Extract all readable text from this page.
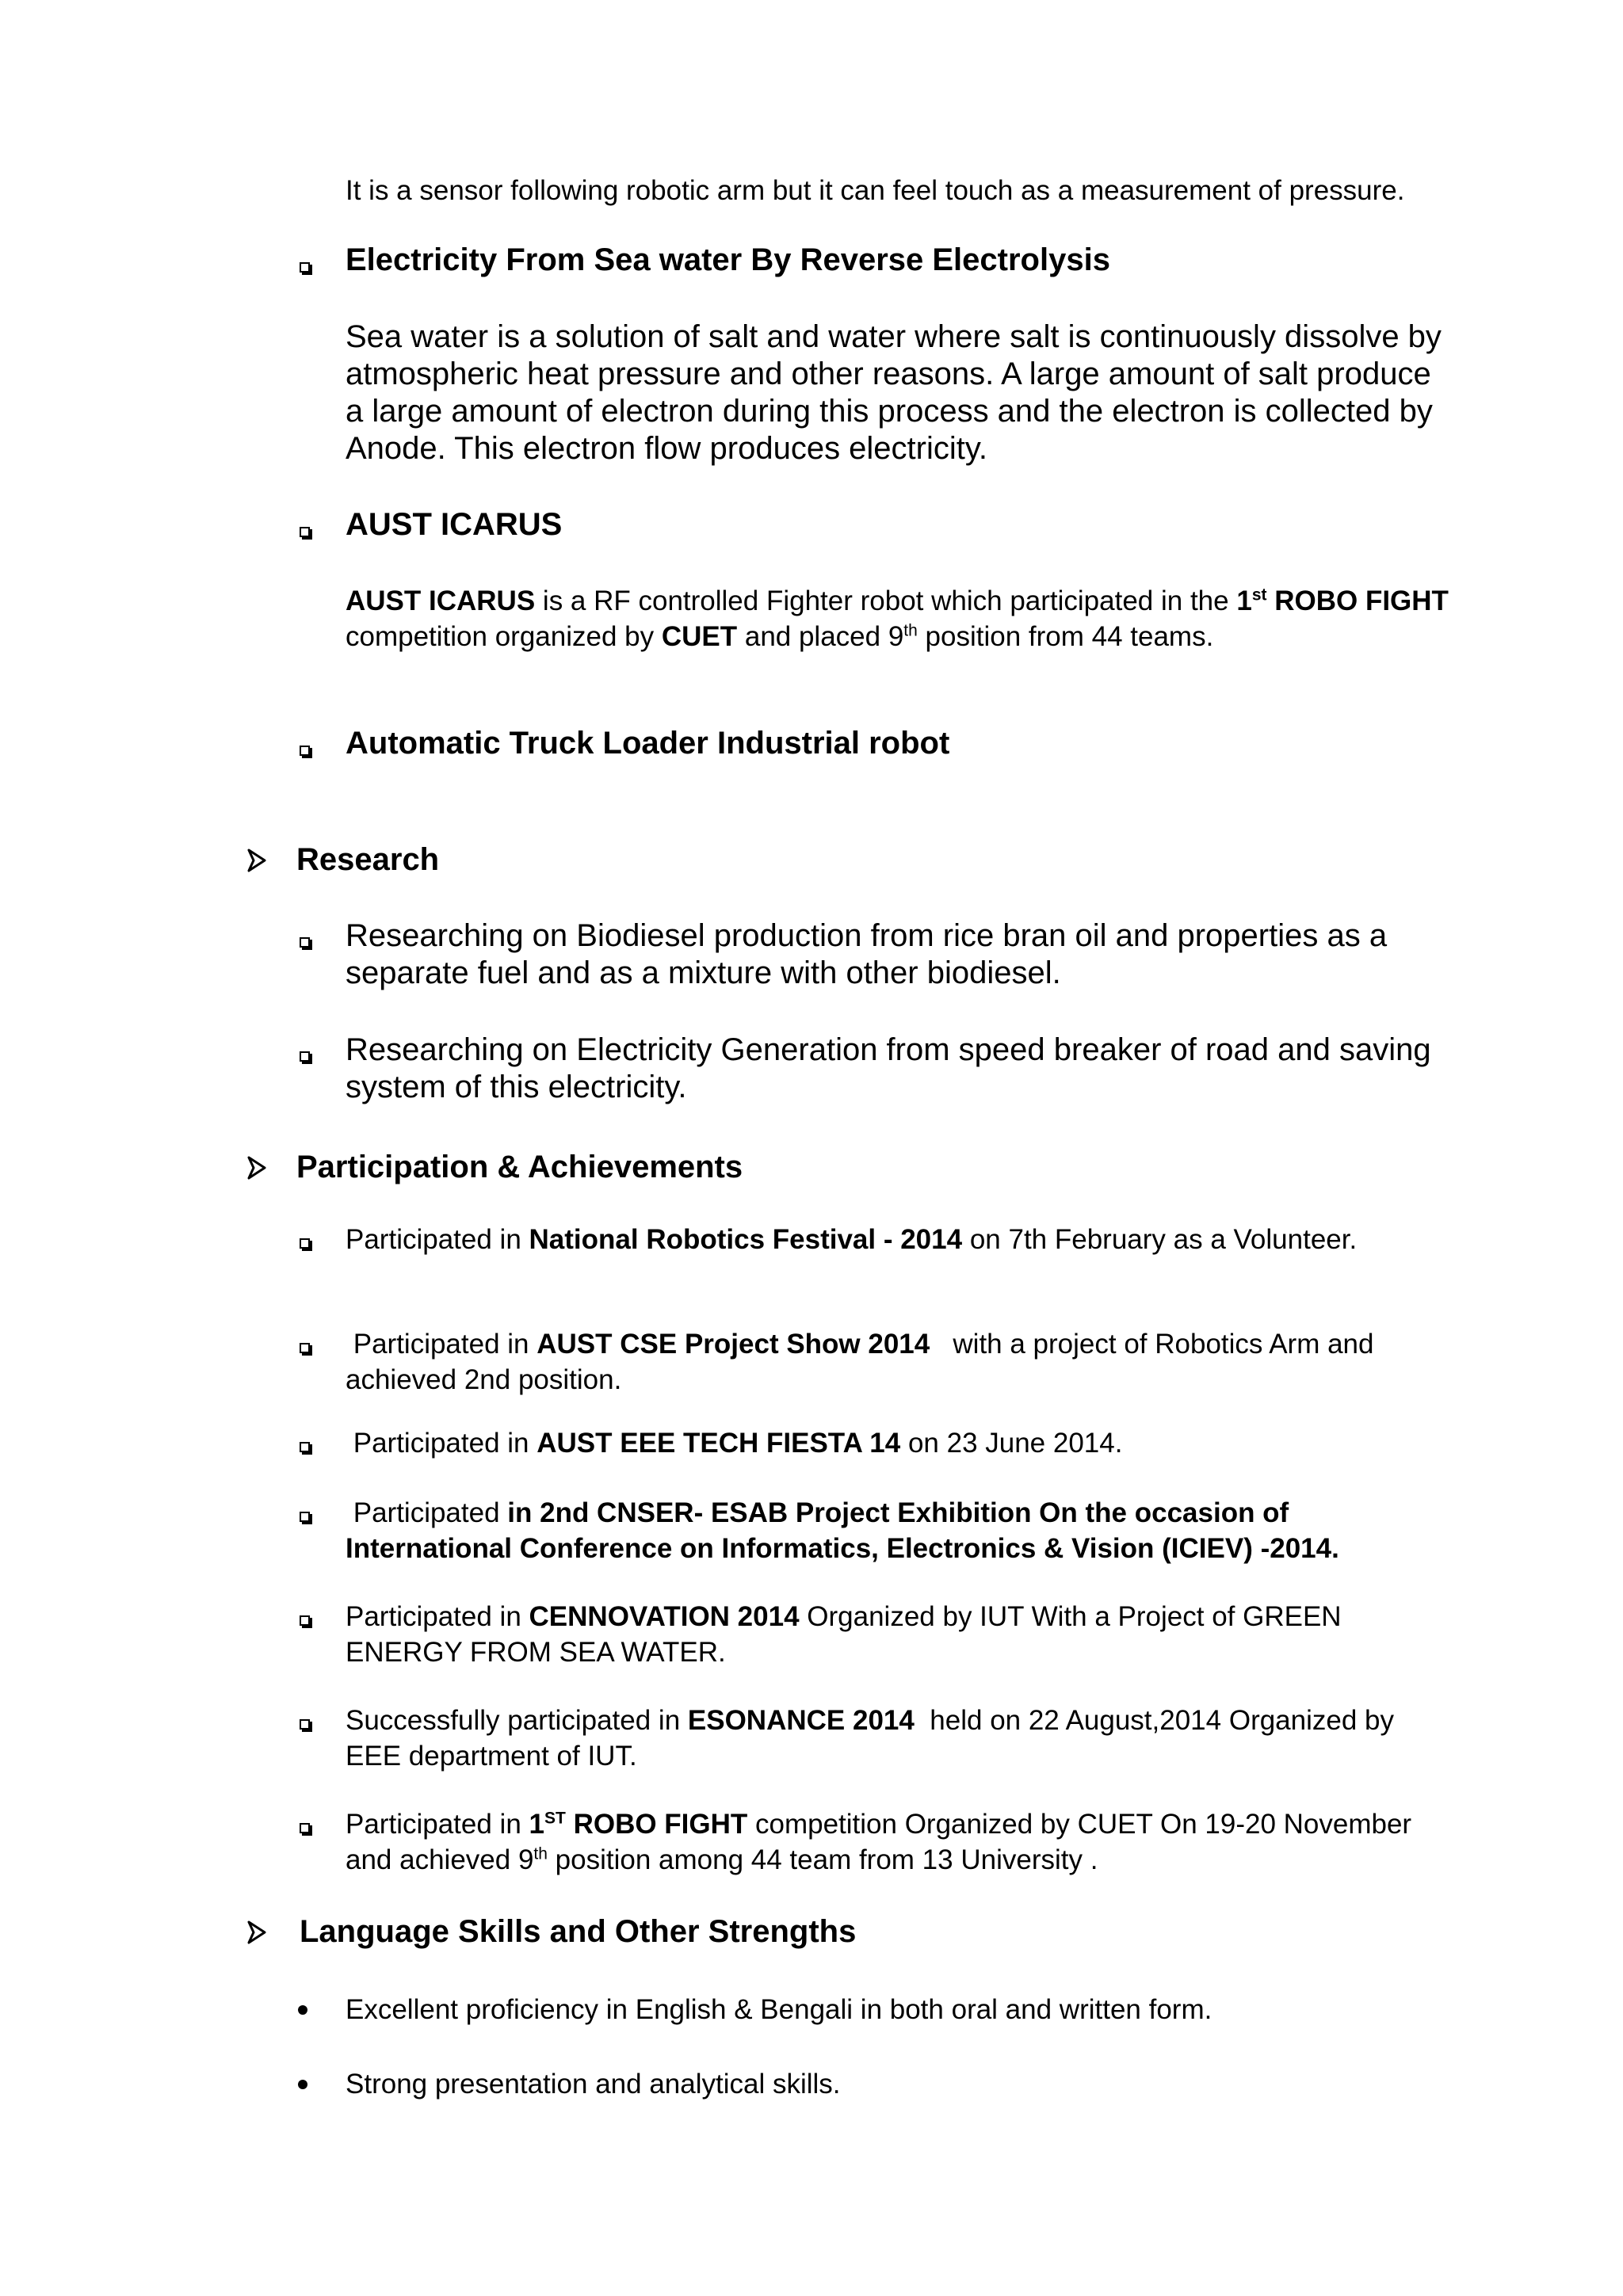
It is a sensor following robotic arm but it can feel touch as a measurement of pressure.
Electricity From Sea water By Reverse Electrolysis
Sea water is a solution of salt and water where salt is continuously dissolve by atmospheric heat pressure and other reasons. A large amount of salt produce a large amount of electron during this process and the electron is collected by Anode. This electron flow produces electricity.
AUST ICARUS
AUST ICARUS is a RF controlled Fighter robot which participated in the 1st ROBO FIGHT competition organized by CUET and placed 9th position from 44 teams.
Automatic Truck Loader Industrial robot
Research
Researching on Biodiesel production from rice bran oil and properties as a separate fuel and as a mixture with other biodiesel.
Researching on Electricity Generation from speed breaker of road and saving system of this electricity.
Participation & Achievements
Participated in National Robotics Festival - 2014 on 7th February as a Volunteer.
Participated in AUST CSE Project Show 2014   with a project of Robotics Arm and achieved 2nd position.
Participated in AUST EEE TECH FIESTA 14 on 23 June 2014.
Participated in 2nd CNSER- ESAB Project Exhibition On the occasion of International Conference on Informatics, Electronics & Vision (ICIEV) -2014.
Participated in CENNOVATION 2014 Organized by IUT With a Project of GREEN ENERGY FROM SEA WATER.
Successfully participated in ESONANCE 2014  held on 22 August,2014 Organized by EEE department of IUT.
Participated in 1ST ROBO FIGHT competition Organized by CUET On 19-20 November and achieved 9th position among 44 team from 13 University .
Language Skills and Other Strengths
Excellent proficiency in English & Bengali in both oral and written form.
Strong presentation and analytical skills.
